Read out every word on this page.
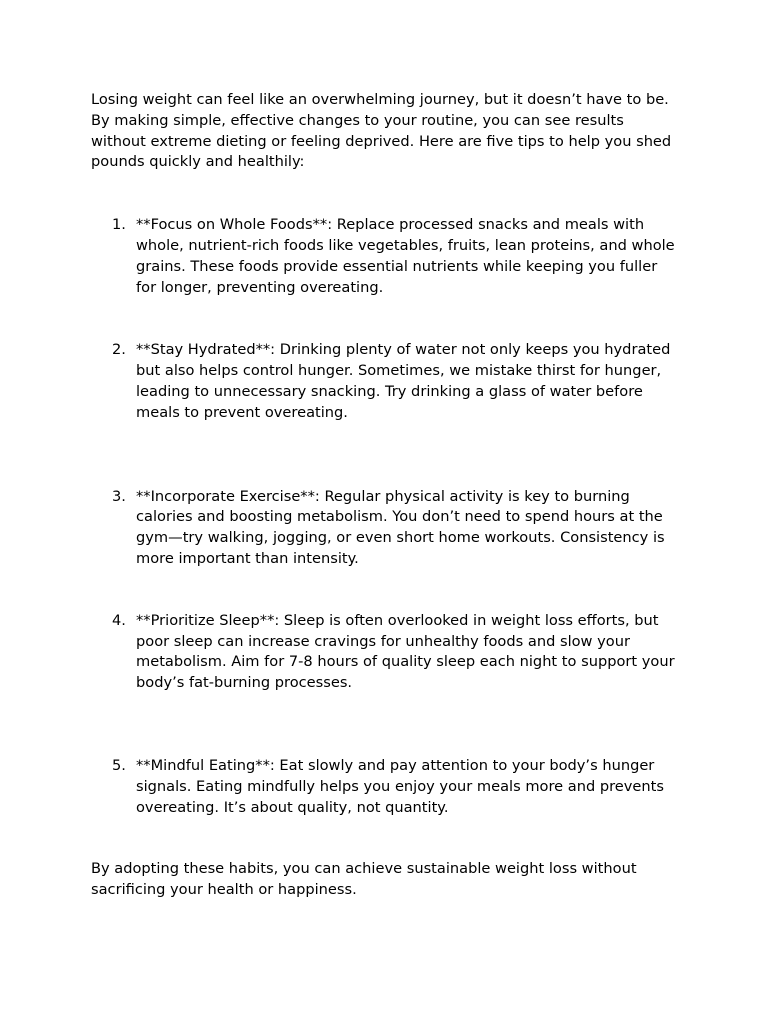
Losing weight can feel like an overwhelming journey, but it doesn’t have to be. By making simple, effective changes to your routine, you can see results without extreme dieting or feeling deprived. Here are five tips to help you shed pounds quickly and healthily:

1. **Focus on Whole Foods**: Replace processed snacks and meals with whole, nutrient-rich foods like vegetables, fruits, lean proteins, and whole grains. These foods provide essential nutrients while keeping you fuller for longer, preventing overeating.
2. **Stay Hydrated**: Drinking plenty of water not only keeps you hydrated but also helps control hunger. Sometimes, we mistake thirst for hunger, leading to unnecessary snacking. Try drinking a glass of water before meals to prevent overeating.
3. **Incorporate Exercise**: Regular physical activity is key to burning calories and boosting metabolism. You don’t need to spend hours at the gym—try walking, jogging, or even short home workouts. Consistency is more important than intensity.
4. **Prioritize Sleep**: Sleep is often overlooked in weight loss efforts, but poor sleep can increase cravings for unhealthy foods and slow your metabolism. Aim for 7-8 hours of quality sleep each night to support your body’s fat-burning processes.
5. **Mindful Eating**: Eat slowly and pay attention to your body’s hunger signals. Eating mindfully helps you enjoy your meals more and prevents overeating. It’s about quality, not quantity.

By adopting these habits, you can achieve sustainable weight loss without sacrificing your health or happiness.
